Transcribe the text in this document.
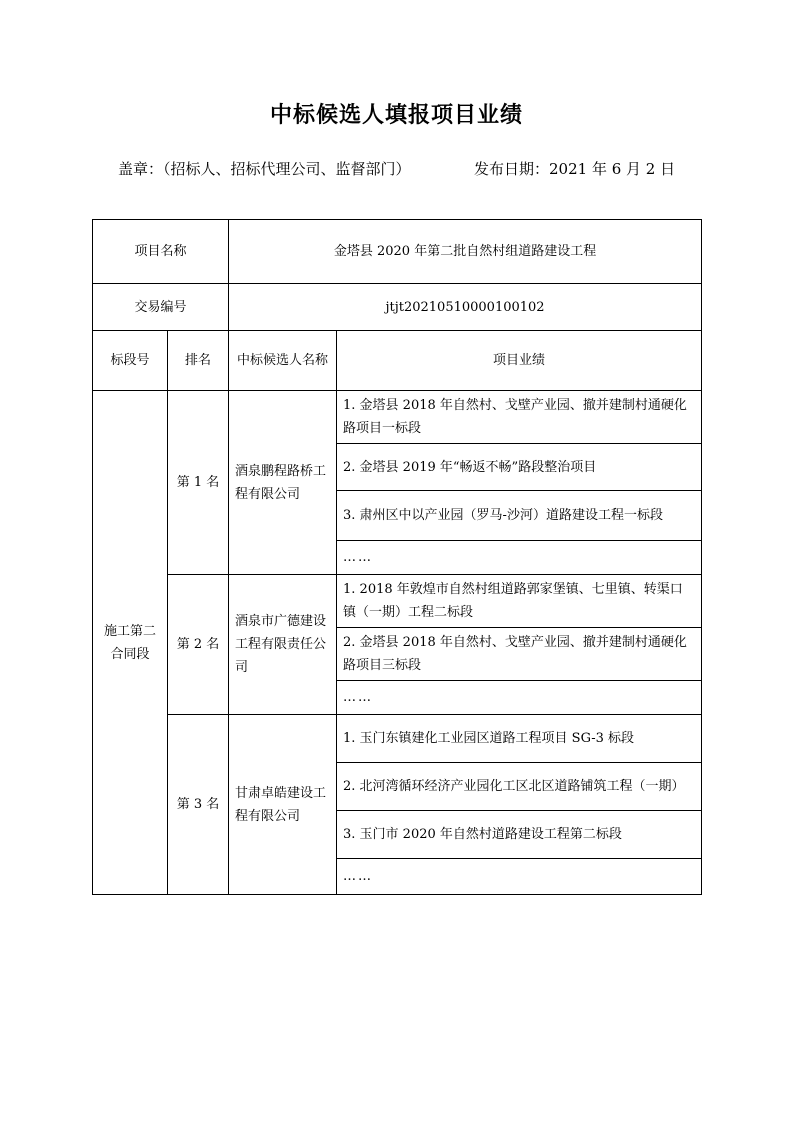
中标候选人填报项目业绩
盖章：（招标人、招标代理公司、监督部门）	发布日期：2021 年 6 月 2 日
项目名称		金塔县 2020 年第二批自然村组道路建设工程	
交易编号		jtjt20210510000100102	
标段号	排名	中标候选人名称	项目业绩
施工第二合同段	第 1 名	酒泉鹏程路桥工程有限公司	1. 金塔县 2018 年自然村、戈壁产业园、撤并建制村通硬化路项目一标段
			2. 金塔县 2019 年“畅返不畅”路段整治项目
			3. 肃州区中以产业园（罗马-沙河）道路建设工程一标段
			……
	第 2 名	酒泉市广德建设工程有限责任公司	1. 2018 年敦煌市自然村组道路郭家堡镇、七里镇、转渠口镇（一期）工程二标段
			2. 金塔县 2018 年自然村、戈壁产业园、撤并建制村通硬化路项目三标段
			……
	第 3 名	甘肃卓皓建设工程有限公司	1. 玉门东镇建化工业园区道路工程项目 SG-3 标段
			2. 北河湾循环经济产业园化工区北区道路铺筑工程（一期）
			3. 玉门市 2020 年自然村道路建设工程第二标段
			……
